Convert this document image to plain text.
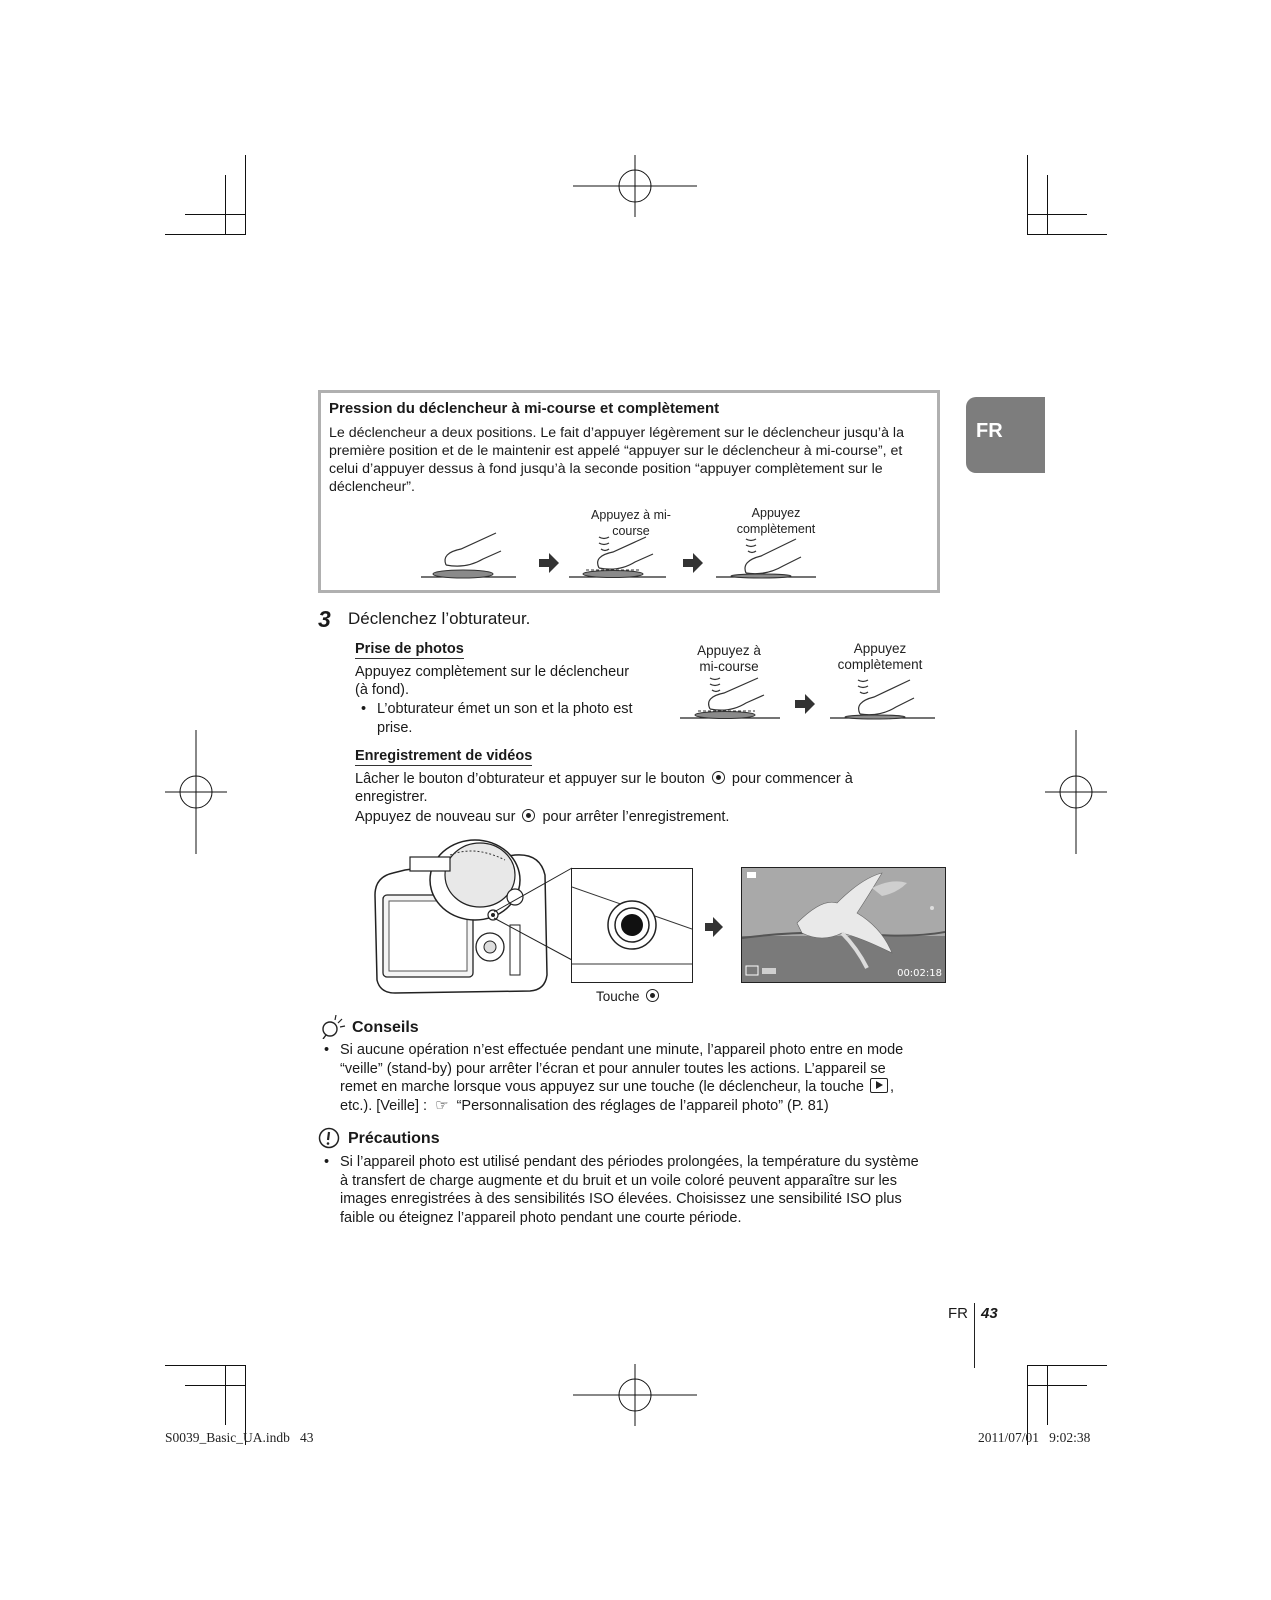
FR
Pression du déclencheur à mi-course et complètement
Le déclencheur a deux positions. Le fait d’appuyer légèrement sur le déclencheur jusqu’à la première position et de le maintenir est appelé “appuyer sur le déclencheur à mi-course”, et celui d’appuyer dessus à fond jusqu’à la seconde position “appuyer complètement sur le déclencheur”.
Appuyez à mi-
course
Appuyez
complètement
3 Déclenchez l’obturateur.
Prise de photos
Appuyez complètement sur le déclencheur
(à fond).
• L’obturateur émet un son et la photo est
prise.
Appuyez à
mi-course
Appuyez
complètement
Enregistrement de vidéos
Lâcher le bouton d’obturateur et appuyer sur le bouton pour commencer à
enregistrer.
Appuyez de nouveau sur pour arrêter l’enregistrement.
00:02:18
Touche
Conseils
• Si aucune opération n’est effectuée pendant une minute, l’appareil photo entre en mode
“veille” (stand-by) pour arrêter l’écran et pour annuler toutes les actions. L’appareil se
remet en marche lorsque vous appuyez sur une touche (le déclencheur, la touche ,
etc.). [Veille] : ☞ “Personnalisation des réglages de l’appareil photo” (P. 81)
Précautions
• Si l’appareil photo est utilisé pendant des périodes prolongées, la température du système
à transfert de charge augmente et du bruit et un voile coloré peuvent apparaître sur les
images enregistrées à des sensibilités ISO élevées. Choisissez une sensibilité ISO plus
faible ou éteignez l’appareil photo pendant une courte période.
FR 43
S0039_Basic_UA.indb   43	2011/07/01   9:02:38
